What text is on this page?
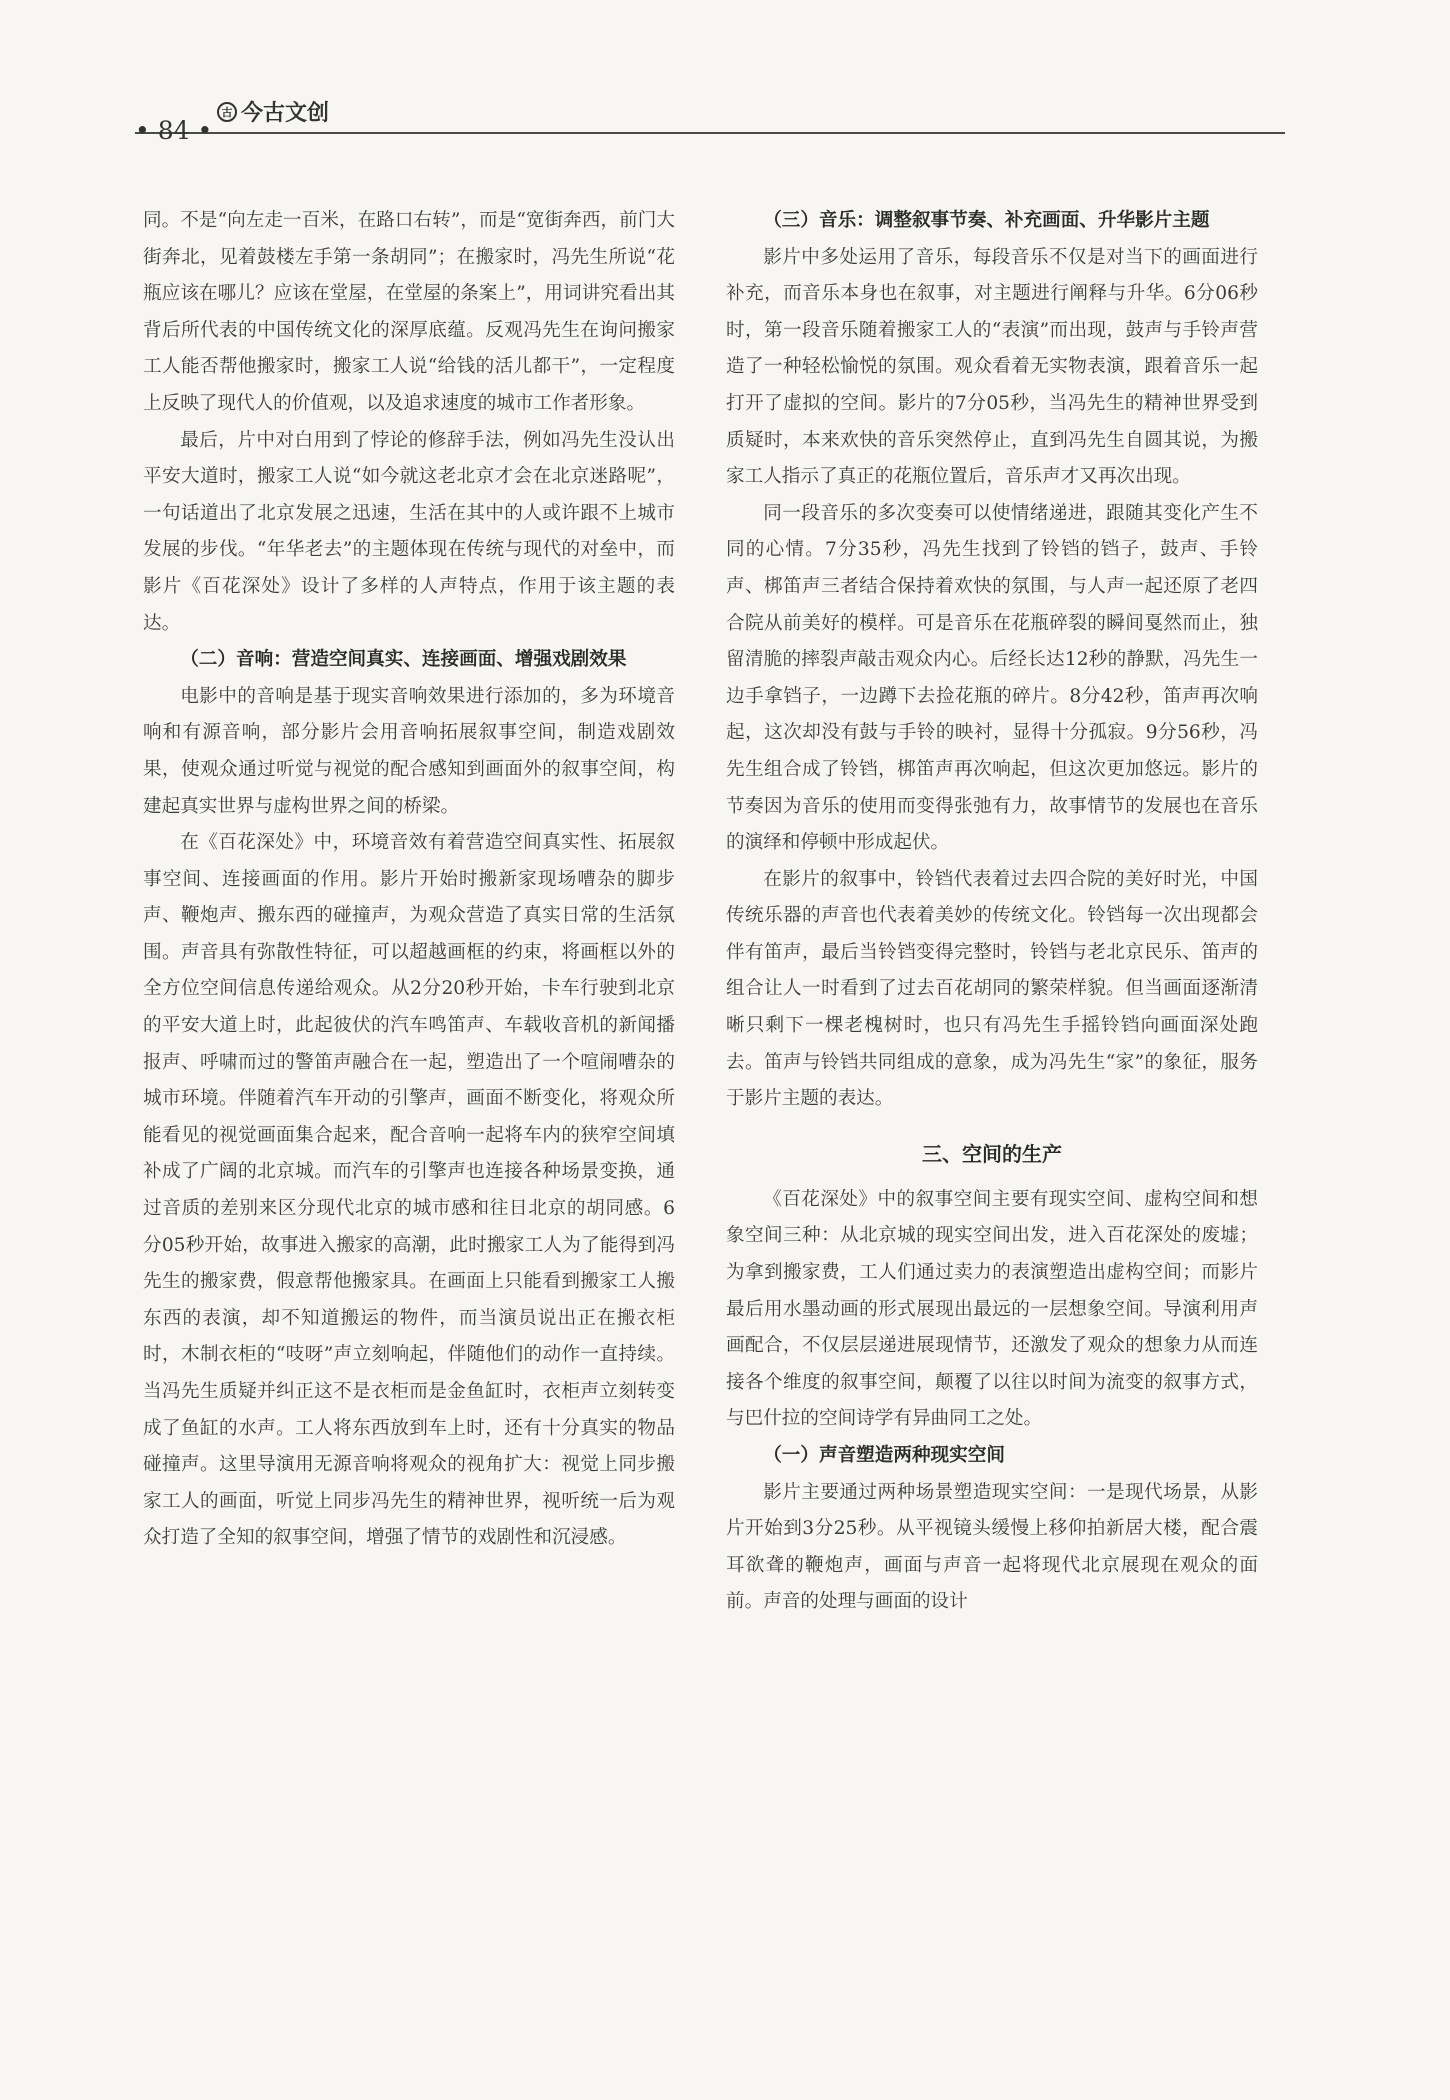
• 84 •
古 今古文创

同。不是“向左走一百米，在路口右转”，而是“宽街奔西，前门大街奔北，见着鼓楼左手第一条胡同”；在搬家时，冯先生所说“花瓶应该在哪儿？应该在堂屋，在堂屋的条案上”，用词讲究看出其背后所代表的中国传统文化的深厚底蕴。反观冯先生在询问搬家工人能否帮他搬家时，搬家工人说“给钱的活儿都干”，一定程度上反映了现代人的价值观，以及追求速度的城市工作者形象。

最后，片中对白用到了悖论的修辞手法，例如冯先生没认出平安大道时，搬家工人说“如今就这老北京才会在北京迷路呢”，一句话道出了北京发展之迅速，生活在其中的人或许跟不上城市发展的步伐。“年华老去”的主题体现在传统与现代的对垒中，而影片《百花深处》设计了多样的人声特点，作用于该主题的表达。

（二）音响：营造空间真实、连接画面、增强戏剧效果

电影中的音响是基于现实音响效果进行添加的，多为环境音响和有源音响，部分影片会用音响拓展叙事空间，制造戏剧效果，使观众通过听觉与视觉的配合感知到画面外的叙事空间，构建起真实世界与虚构世界之间的桥梁。

在《百花深处》中，环境音效有着营造空间真实性、拓展叙事空间、连接画面的作用。影片开始时搬新家现场嘈杂的脚步声、鞭炮声、搬东西的碰撞声，为观众营造了真实日常的生活氛围。声音具有弥散性特征，可以超越画框的约束，将画框以外的全方位空间信息传递给观众。从2分20秒开始，卡车行驶到北京的平安大道上时，此起彼伏的汽车鸣笛声、车载收音机的新闻播报声、呼啸而过的警笛声融合在一起，塑造出了一个喧闹嘈杂的城市环境。伴随着汽车开动的引擎声，画面不断变化，将观众所能看见的视觉画面集合起来，配合音响一起将车内的狭窄空间填补成了广阔的北京城。而汽车的引擎声也连接各种场景变换，通过音质的差别来区分现代北京的城市感和往日北京的胡同感。6分05秒开始，故事进入搬家的高潮，此时搬家工人为了能得到冯先生的搬家费，假意帮他搬家具。在画面上只能看到搬家工人搬东西的表演，却不知道搬运的物件，而当演员说出正在搬衣柜时，木制衣柜的“吱呀”声立刻响起，伴随他们的动作一直持续。当冯先生质疑并纠正这不是衣柜而是金鱼缸时，衣柜声立刻转变成了鱼缸的水声。工人将东西放到车上时，还有十分真实的物品碰撞声。这里导演用无源音响将观众的视角扩大：视觉上同步搬家工人的画面，听觉上同步冯先生的精神世界，视听统一后为观众打造了全知的叙事空间，增强了情节的戏剧性和沉浸感。

（三）音乐：调整叙事节奏、补充画面、升华影片主题

影片中多处运用了音乐，每段音乐不仅是对当下的画面进行补充，而音乐本身也在叙事，对主题进行阐释与升华。6分06秒时，第一段音乐随着搬家工人的“表演”而出现，鼓声与手铃声营造了一种轻松愉悦的氛围。观众看着无实物表演，跟着音乐一起打开了虚拟的空间。影片的7分05秒，当冯先生的精神世界受到质疑时，本来欢快的音乐突然停止，直到冯先生自圆其说，为搬家工人指示了真正的花瓶位置后，音乐声才又再次出现。

同一段音乐的多次变奏可以使情绪递进，跟随其变化产生不同的心情。7分35秒，冯先生找到了铃铛的铛子，鼓声、手铃声、梆笛声三者结合保持着欢快的氛围，与人声一起还原了老四合院从前美好的模样。可是音乐在花瓶碎裂的瞬间戛然而止，独留清脆的摔裂声敲击观众内心。后经长达12秒的静默，冯先生一边手拿铛子，一边蹲下去捡花瓶的碎片。8分42秒，笛声再次响起，这次却没有鼓与手铃的映衬，显得十分孤寂。9分56秒，冯先生组合成了铃铛，梆笛声再次响起，但这次更加悠远。影片的节奏因为音乐的使用而变得张弛有力，故事情节的发展也在音乐的演绎和停顿中形成起伏。

在影片的叙事中，铃铛代表着过去四合院的美好时光，中国传统乐器的声音也代表着美妙的传统文化。铃铛每一次出现都会伴有笛声，最后当铃铛变得完整时，铃铛与老北京民乐、笛声的组合让人一时看到了过去百花胡同的繁荣样貌。但当画面逐渐清晰只剩下一棵老槐树时，也只有冯先生手摇铃铛向画面深处跑去。笛声与铃铛共同组成的意象，成为冯先生“家”的象征，服务于影片主题的表达。

三、空间的生产

《百花深处》中的叙事空间主要有现实空间、虚构空间和想象空间三种：从北京城的现实空间出发，进入百花深处的废墟；为拿到搬家费，工人们通过卖力的表演塑造出虚构空间；而影片最后用水墨动画的形式展现出最远的一层想象空间。导演利用声画配合，不仅层层递进展现情节，还激发了观众的想象力从而连接各个维度的叙事空间，颠覆了以往以时间为流变的叙事方式，与巴什拉的空间诗学有异曲同工之处。

（一）声音塑造两种现实空间

影片主要通过两种场景塑造现实空间：一是现代场景，从影片开始到3分25秒。从平视镜头缓慢上移仰拍新居大楼，配合震耳欲聋的鞭炮声，画面与声音一起将现代北京展现在观众的面前。声音的处理与画面的设计
